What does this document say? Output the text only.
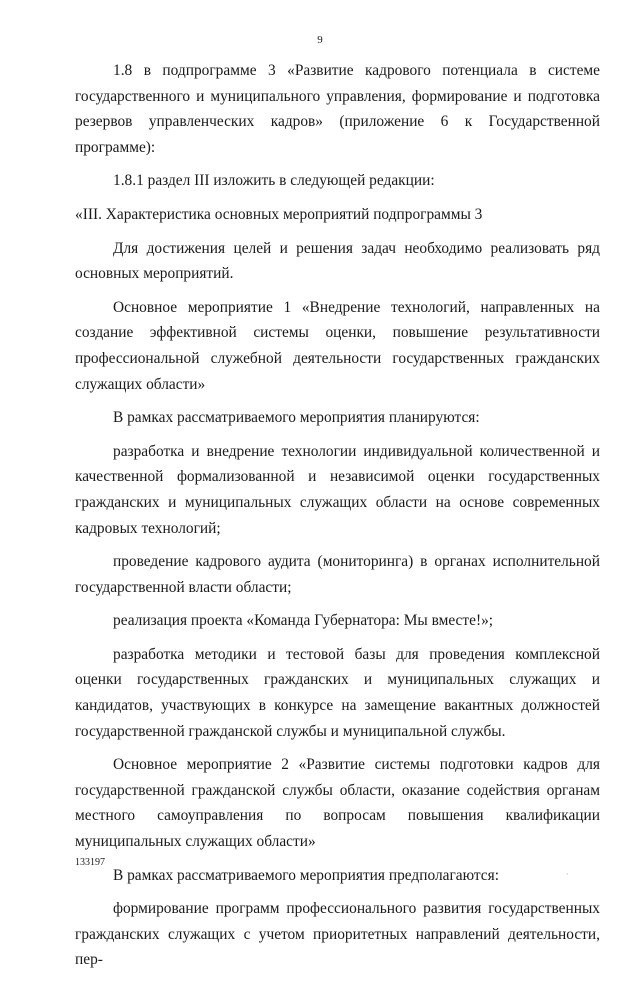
9

1.8 в подпрограмме 3 «Развитие кадрового потенциала в системе государственного и муниципального управления, формирование и подготовка резервов управленческих кадров» (приложение 6 к Государственной программе):

1.8.1 раздел III изложить в следующей редакции:

«III. Характеристика основных мероприятий подпрограммы 3

Для достижения целей и решения задач необходимо реализовать ряд основных мероприятий.

Основное мероприятие 1 «Внедрение технологий, направленных на создание эффективной системы оценки, повышение результативности профессиональной служебной деятельности государственных гражданских служащих области»

В рамках рассматриваемого мероприятия планируются:

разработка и внедрение технологии индивидуальной количественной и качественной формализованной и независимой оценки государственных гражданских и муниципальных служащих области на основе современных кадровых технологий;

проведение кадрового аудита (мониторинга) в органах исполнительной государственной власти области;

реализация проекта «Команда Губернатора: Мы вместе!»;

разработка методики и тестовой базы для проведения комплексной оценки государственных гражданских и муниципальных служащих и кандидатов, участвующих в конкурсе на замещение вакантных должностей государственной гражданской службы и муниципальной службы.

Основное мероприятие 2 «Развитие системы подготовки кадров для государственной гражданской службы области, оказание содействия органам местного самоуправления по вопросам повышения квалификации муниципальных служащих области»

В рамках рассматриваемого мероприятия предполагаются:

формирование программ профессионального развития государственных гражданских служащих с учетом приоритетных направлений деятельности, пер-

133197
·
